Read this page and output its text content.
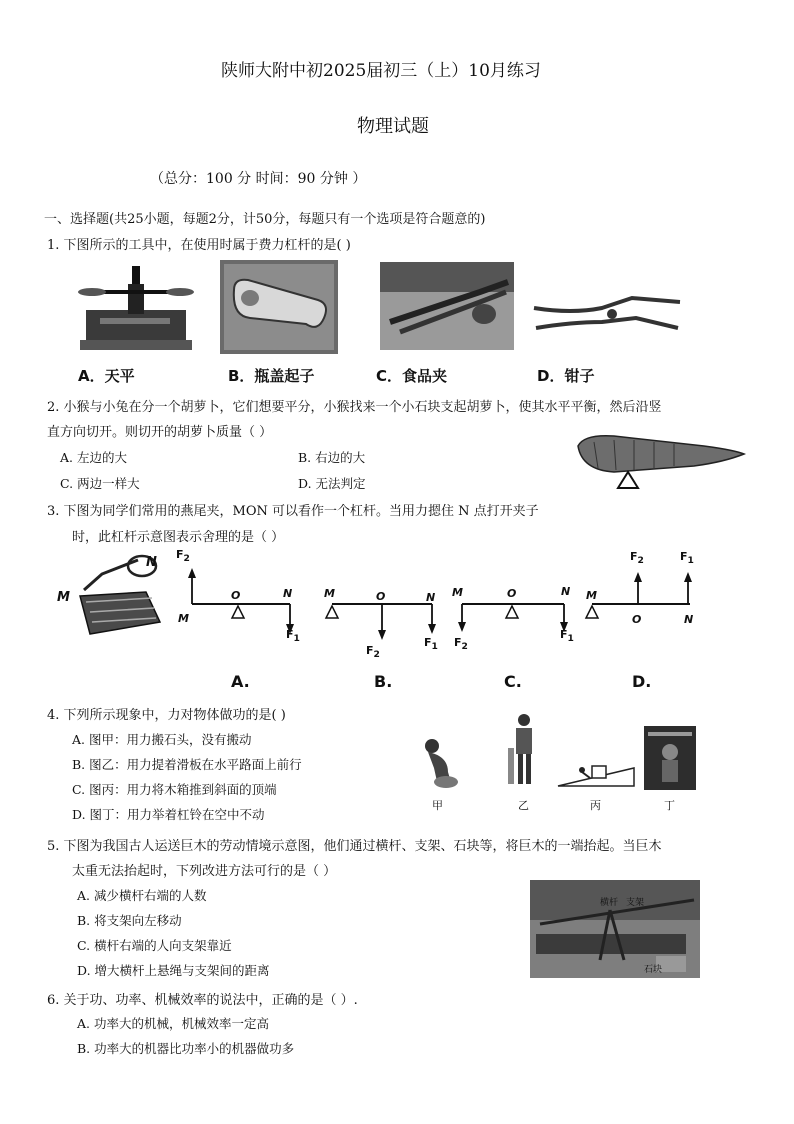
陕师大附中初2025届初三（上）10月练习
物理试题
（总分：100 分 时间：90 分钟 ）
一、选择题(共25小题，每题2分，计50分，每题只有一个选项是符合题意的)
1. 下图所示的工具中，在使用时属于费力杠杆的是( )
A．天平	B．瓶盖起子	C．食品夹	D．钳子
2. 小猴与小兔在分一个胡萝卜，它们想要平分，小猴找来一个小石块支起胡萝卜，使其水平平衡，然后沿竖
直方向切开。则切开的胡萝卜质量（ ）
A. 左边的大	B. 右边的大
C. 两边一样大	D. 无法判定
3. 下图为同学们常用的燕尾夹，MON 可以看作一个杠杆。当用力摁住 N 点打开夹子
时，此杠杆示意图表示舍理的是（ ）
M
N
$F_2$
M
O	N
$F_1$
M	O	N
$F_2$
$F_1$
M	O	N
$F_2$
$F_1$
M
O	N
$F_2$	$F_1$
A.	B.	C.	D.
4. 下列所示现象中，力对物体做功的是( )
A. 图甲：用力搬石头，没有搬动
B. 图乙：用力提着滑板在水平路面上前行
C. 图丙：用力将木箱推到斜面的顶端
D. 图丁：用力举着杠铃在空中不动
甲	乙	丙	丁
5. 下图为我国古人运送巨木的劳动情境示意图，他们通过横杆、支架、石块等，将巨木的一端抬起。当巨木
太重无法抬起时，下列改进方法可行的是（ ）
A. 减少横杆右端的人数
B. 将支架向左移动
C. 横杆右端的人向支架靠近
D. 增大横杆上悬绳与支架间的距离
横杆 支架
石块
6. 关于功、功率、机械效率的说法中，正确的是（ ）.
A. 功率大的机械，机械效率一定高
B. 功率大的机器比功率小的机器做功多
